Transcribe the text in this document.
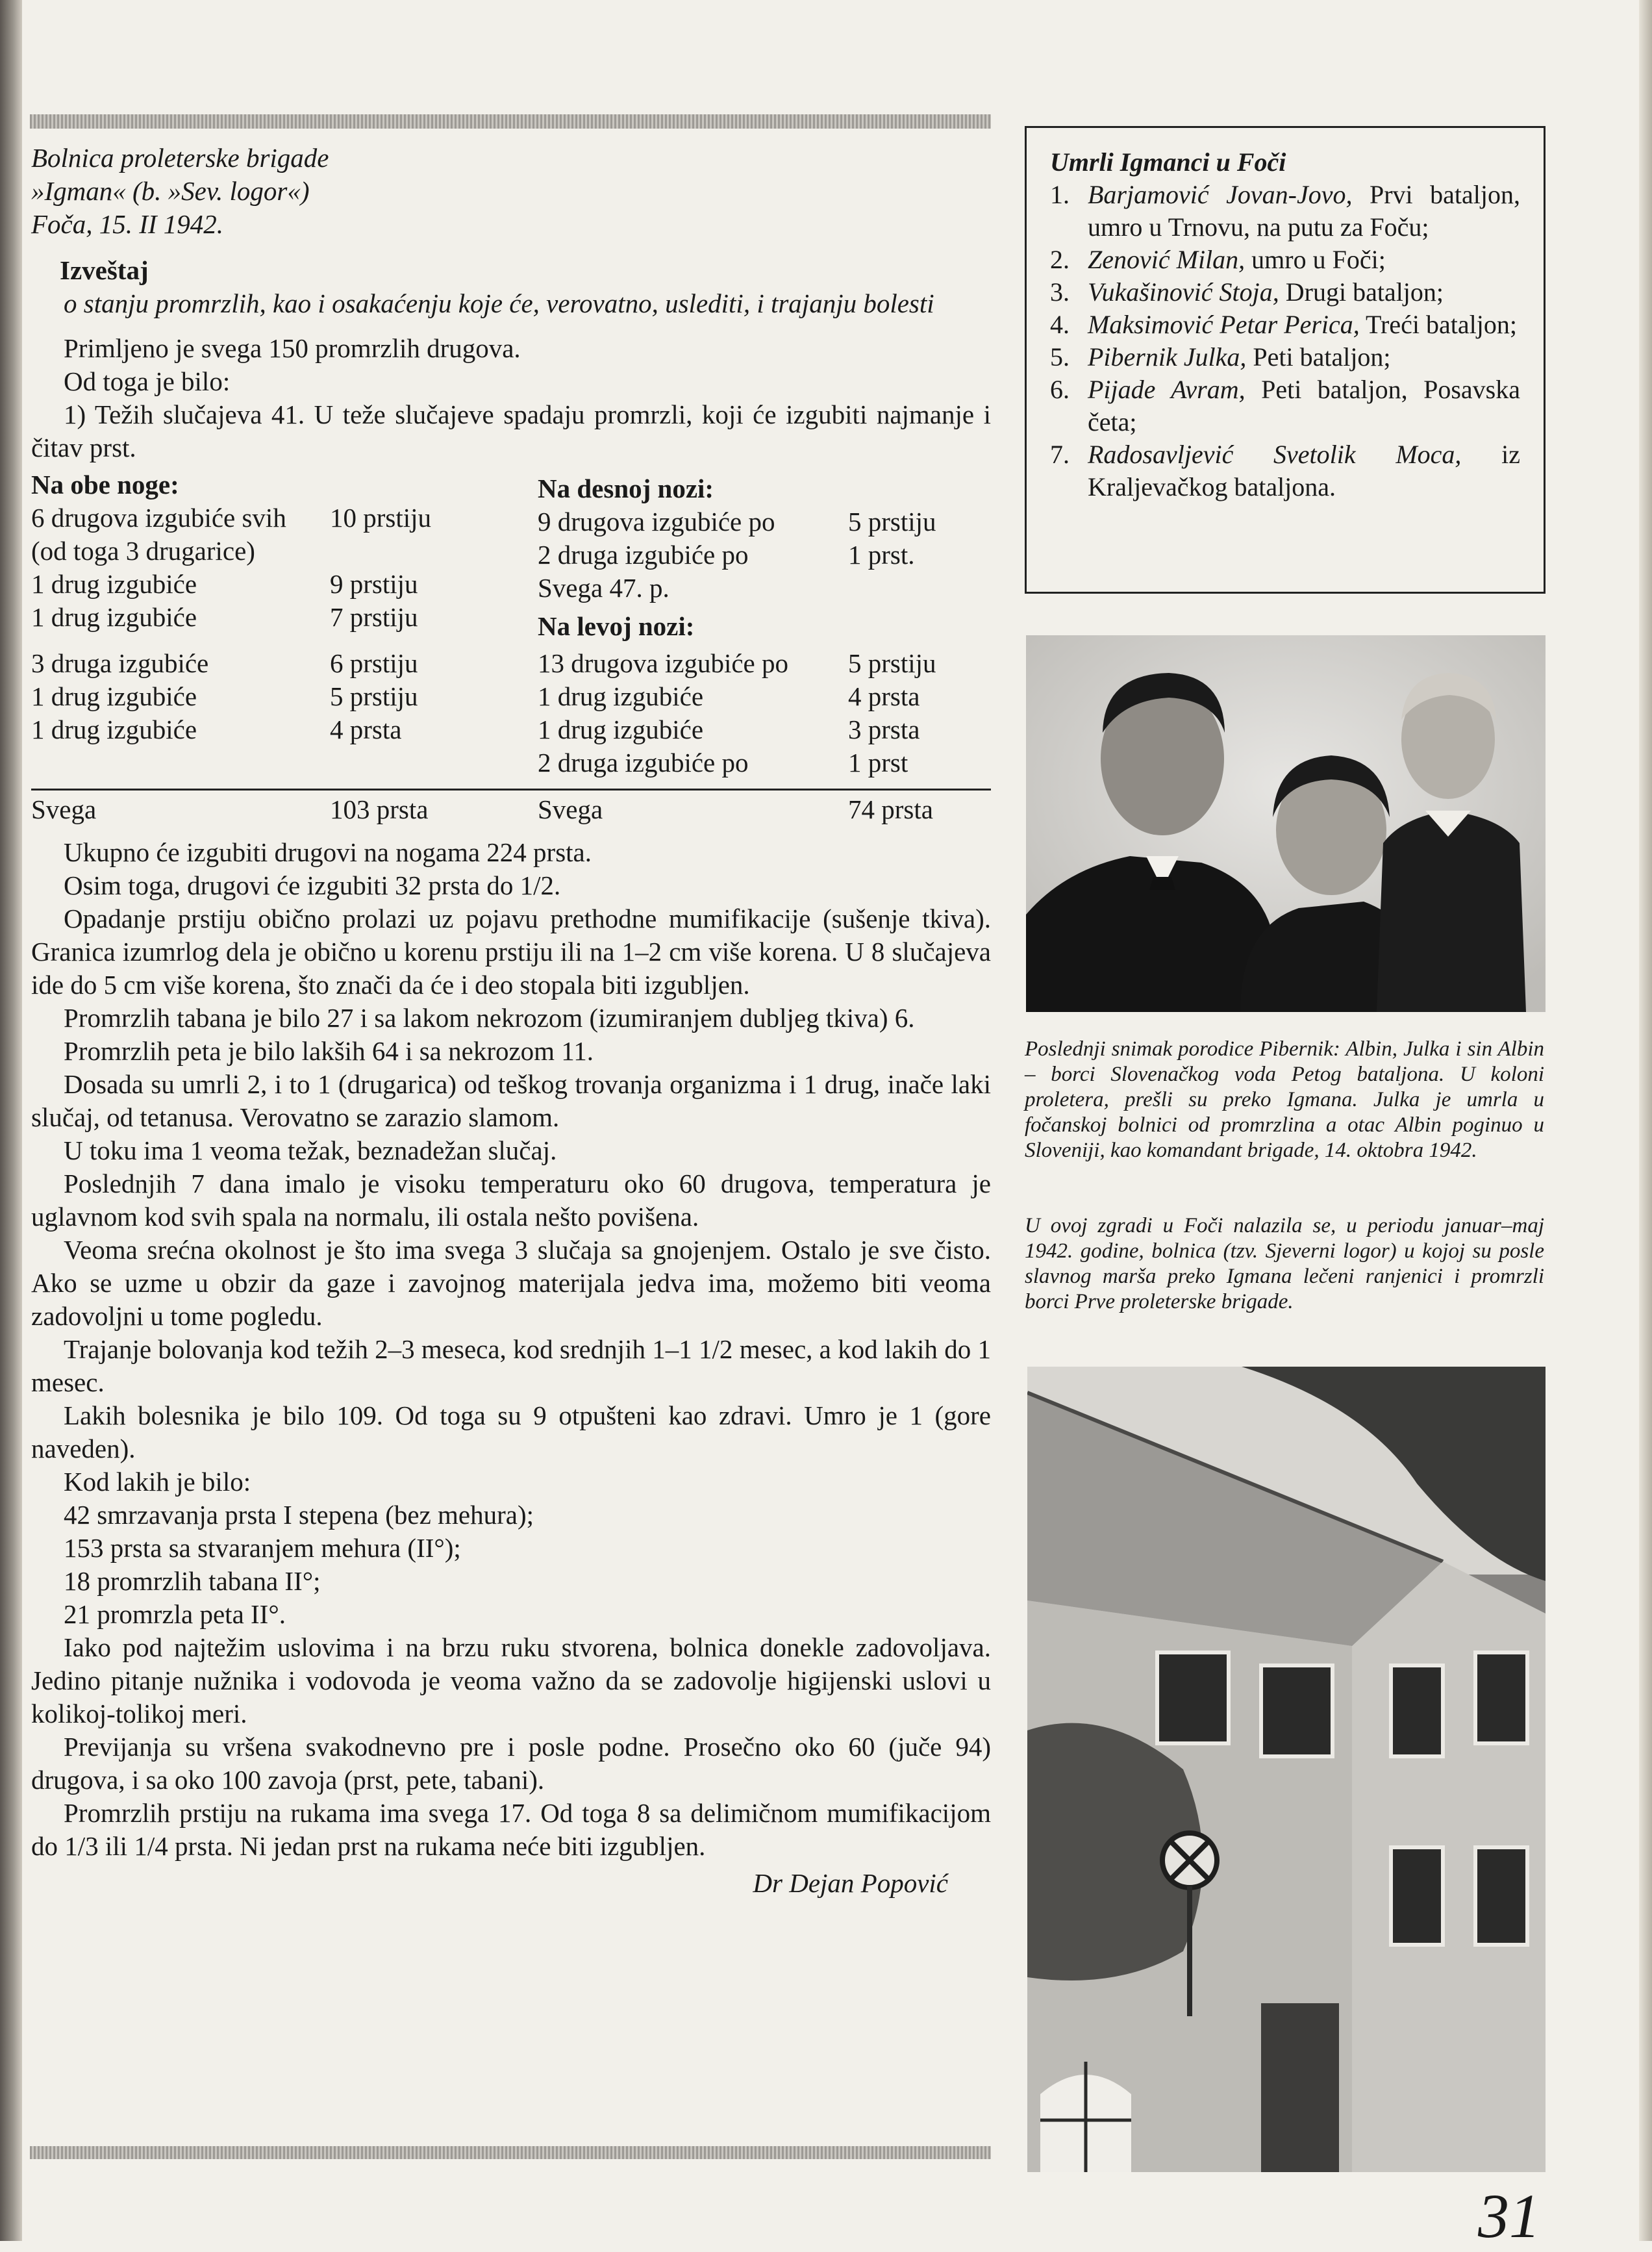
Bolnica proleterske brigade
»Igman« (b. »Sev. logor«)
Foča, 15. II 1942.
Izveštaj
o stanju promrzlih, kao i osakaćenju koje će, verovatno, uslediti, i trajanju bolesti

Primljeno je svega 150 promrzlih drugova.

Od toga je bilo:

1) Težih slučajeva 41. U teže slučajeve spadaju promrzli, koji će izgubiti najmanje i čitav prst.

Na obe noge:
6 drugova izgubiće svih 10 prstiju
(od toga 3 drugarice)
1 drug izgubiće	9 prstiju
1 drug izgubiće	7 prstiju
3 druga izgubiće	6 prstiju
1 drug izgubiće	5 prstiju
1 drug izgubiće	4 prsta
Na desnoj nozi:
9 drugova izgubiće po	5 prstiju
2 druga izgubiće po	1 prst.
Svega 47. p.
Na levoj nozi:
13 drugova izgubiće po 5 prstiju
1 drug izgubiće	4 prsta
1 drug izgubiće	3 prsta
2 druga izgubiće po	1 prst
Svega	103 prsta	Svega	74 prsta

Ukupno će izgubiti drugovi na nogama 224 prsta.

Osim toga, drugovi će izgubiti 32 prsta do 1/2.

Opadanje prstiju obično prolazi uz pojavu prethodne mumifikacije (sušenje tkiva). Granica izumrlog dela je obično u korenu prstiju ili na 1–2 cm više korena. U 8 slučajeva ide do 5 cm više korena, što znači da će i deo stopala biti izgubljen.

Promrzlih tabana je bilo 27 i sa lakom nekrozom (izumiranjem dubljeg tkiva) 6.

Promrzlih peta je bilo lakših 64 i sa nekrozom 11.

Dosada su umrli 2, i to 1 (drugarica) od teškog trovanja organizma i 1 drug, inače laki slučaj, od tetanusa. Verovatno se zarazio slamom.

U toku ima 1 veoma težak, beznadežan slučaj.

Poslednjih 7 dana imalo je visoku temperaturu oko 60 drugova, temperatura je uglavnom kod svih spala na normalu, ili ostala nešto povišena.

Veoma srećna okolnost je što ima svega 3 slučaja sa gnojenjem. Ostalo je sve čisto. Ako se uzme u obzir da gaze i zavojnog materijala jedva ima, možemo biti veoma zadovoljni u tome pogledu.

Trajanje bolovanja kod težih 2–3 meseca, kod srednjih 1–1 1/2 mesec, a kod lakih do 1 mesec.

Lakih bolesnika je bilo 109. Od toga su 9 otpušteni kao zdravi. Umro je 1 (gore naveden).

Kod lakih je bilo:

42 smrzavanja prsta I stepena (bez mehura);

153 prsta sa stvaranjem mehura (II°);

18 promrzlih tabana II°;

21 promrzla peta II°.

Iako pod najtežim uslovima i na brzu ruku stvorena, bolnica donekle zadovoljava. Jedino pitanje nužnika i vodovoda je veoma važno da se zadovolje higijenski uslovi u kolikoj-tolikoj meri.

Previjanja su vršena svakodnevno pre i posle podne. Prosečno oko 60 (juče 94) drugova, i sa oko 100 zavoja (prst, pete, tabani).

Promrzlih prstiju na rukama ima svega 17. Od toga 8 sa delimičnom mumifikacijom do 1/3 ili 1/4 prsta. Ni jedan prst na rukama neće biti izgubljen.

Dr Dejan Popović
Umrli Igmanci u Foči
1. Barjamović Jovan-Jovo, Prvi bataljon, umro u Trnovu, na putu za Foču;
2. Zenović Milan, umro u Foči;
3. Vukašinović Stoja, Drugi bataljon;
4. Maksimović Petar Perica, Treći bataljon;
5. Pibernik Julka, Peti bataljon;
6. Pijade Avram, Peti bataljon, Posavska četa;
7. Radosavljević Svetolik Moca, iz Kraljevačkog bataljona.
Poslednji snimak porodice Pibernik: Albin, Julka i sin Albin – borci Slovenačkog voda Petog bataljona. U koloni proletera, prešli su preko Igmana. Julka je umrla u fočanskoj bolnici od promrzlina a otac Albin poginuo u Sloveniji, kao komandant brigade, 14. oktobra 1942.
U ovoj zgradi u Foči nalazila se, u periodu januar–maj 1942. godine, bolnica (tzv. Sjeverni logor) u kojoj su posle slavnog marša preko Igmana lečeni ranjenici i promrzli borci Prve proleterske brigade.
31
